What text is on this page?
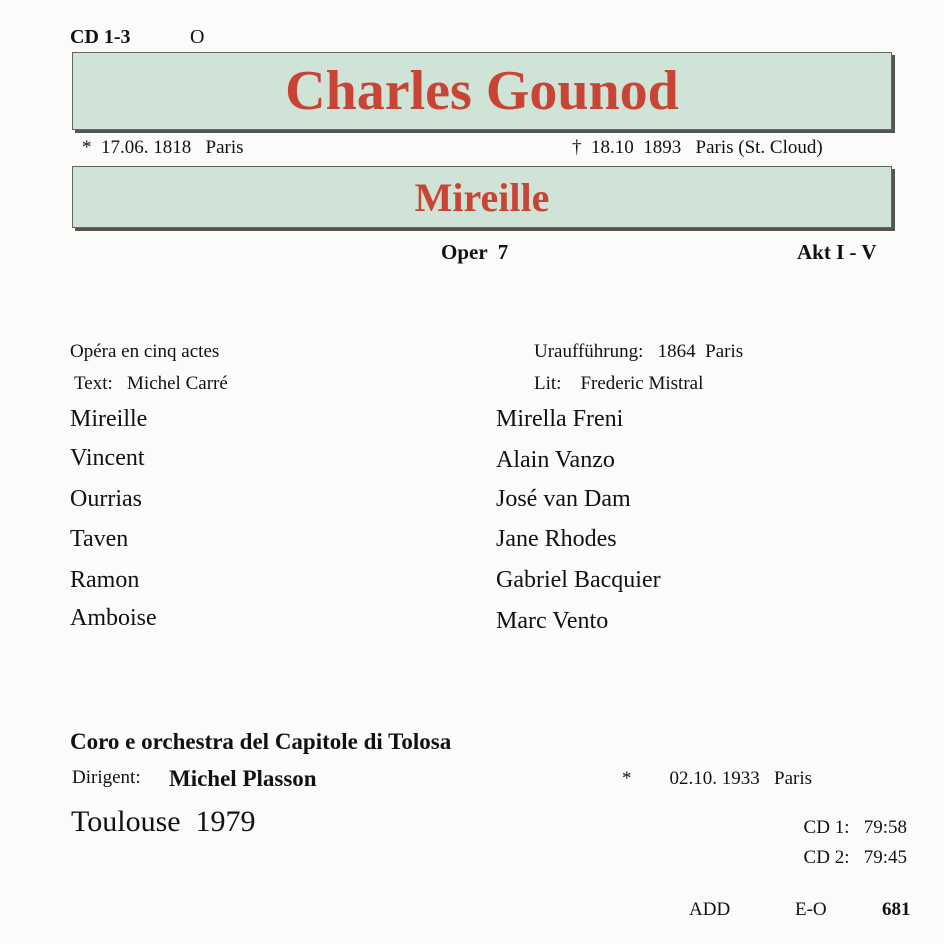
CD 1-3	O
Charles Gounod
*  17.06. 1818   Paris	†  18.10  1893   Paris (St. Cloud)
Mireille
Oper  7	Akt I - V
Opéra en cinq actes	Uraufführung:   1864  Paris
Text:   Michel Carré	Lit:    Frederic Mistral
Mireille	Mirella Freni
Vincent	Alain Vanzo
Ourrias	José van Dam
Taven	Jane Rhodes
Ramon	Gabriel Bacquier
Amboise	Marc Vento
Coro e orchestra del Capitole di Tolosa
Dirigent: Michel Plasson	*        02.10. 1933   Paris
Toulouse  1979	CD 1:   79:58
CD 2:   79:45
ADD	E-O	681
